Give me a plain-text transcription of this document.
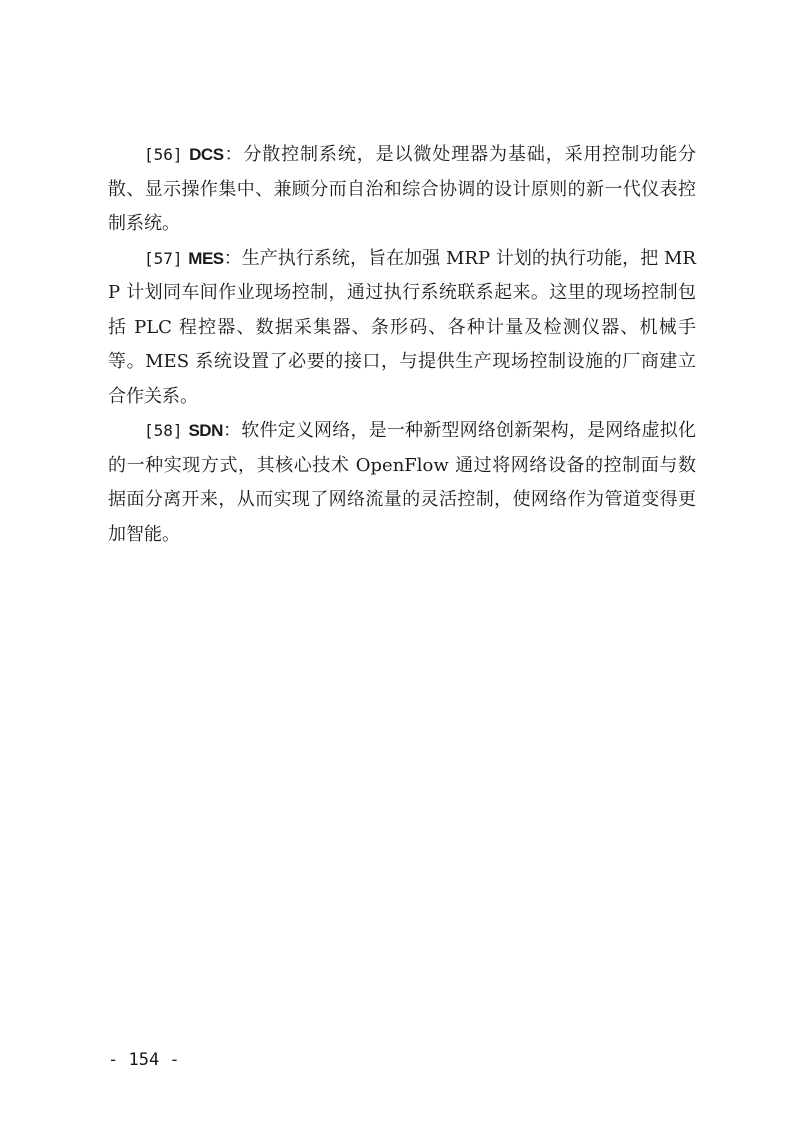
[56] DCS：分散控制系统，是以微处理器为基础，采用控制功能分散、显示操作集中、兼顾分而自治和综合协调的设计原则的新一代仪表控制系统。

[57] MES：生产执行系统，旨在加强 MRP 计划的执行功能，把 MRP 计划同车间作业现场控制，通过执行系统联系起来。这里的现场控制包括 PLC 程控器、数据采集器、条形码、各种计量及检测仪器、机械手等。MES 系统设置了必要的接口，与提供生产现场控制设施的厂商建立合作关系。

[58] SDN：软件定义网络，是一种新型网络创新架构，是网络虚拟化的一种实现方式，其核心技术 OpenFlow 通过将网络设备的控制面与数据面分离开来，从而实现了网络流量的灵活控制，使网络作为管道变得更加智能。

- 154 -
